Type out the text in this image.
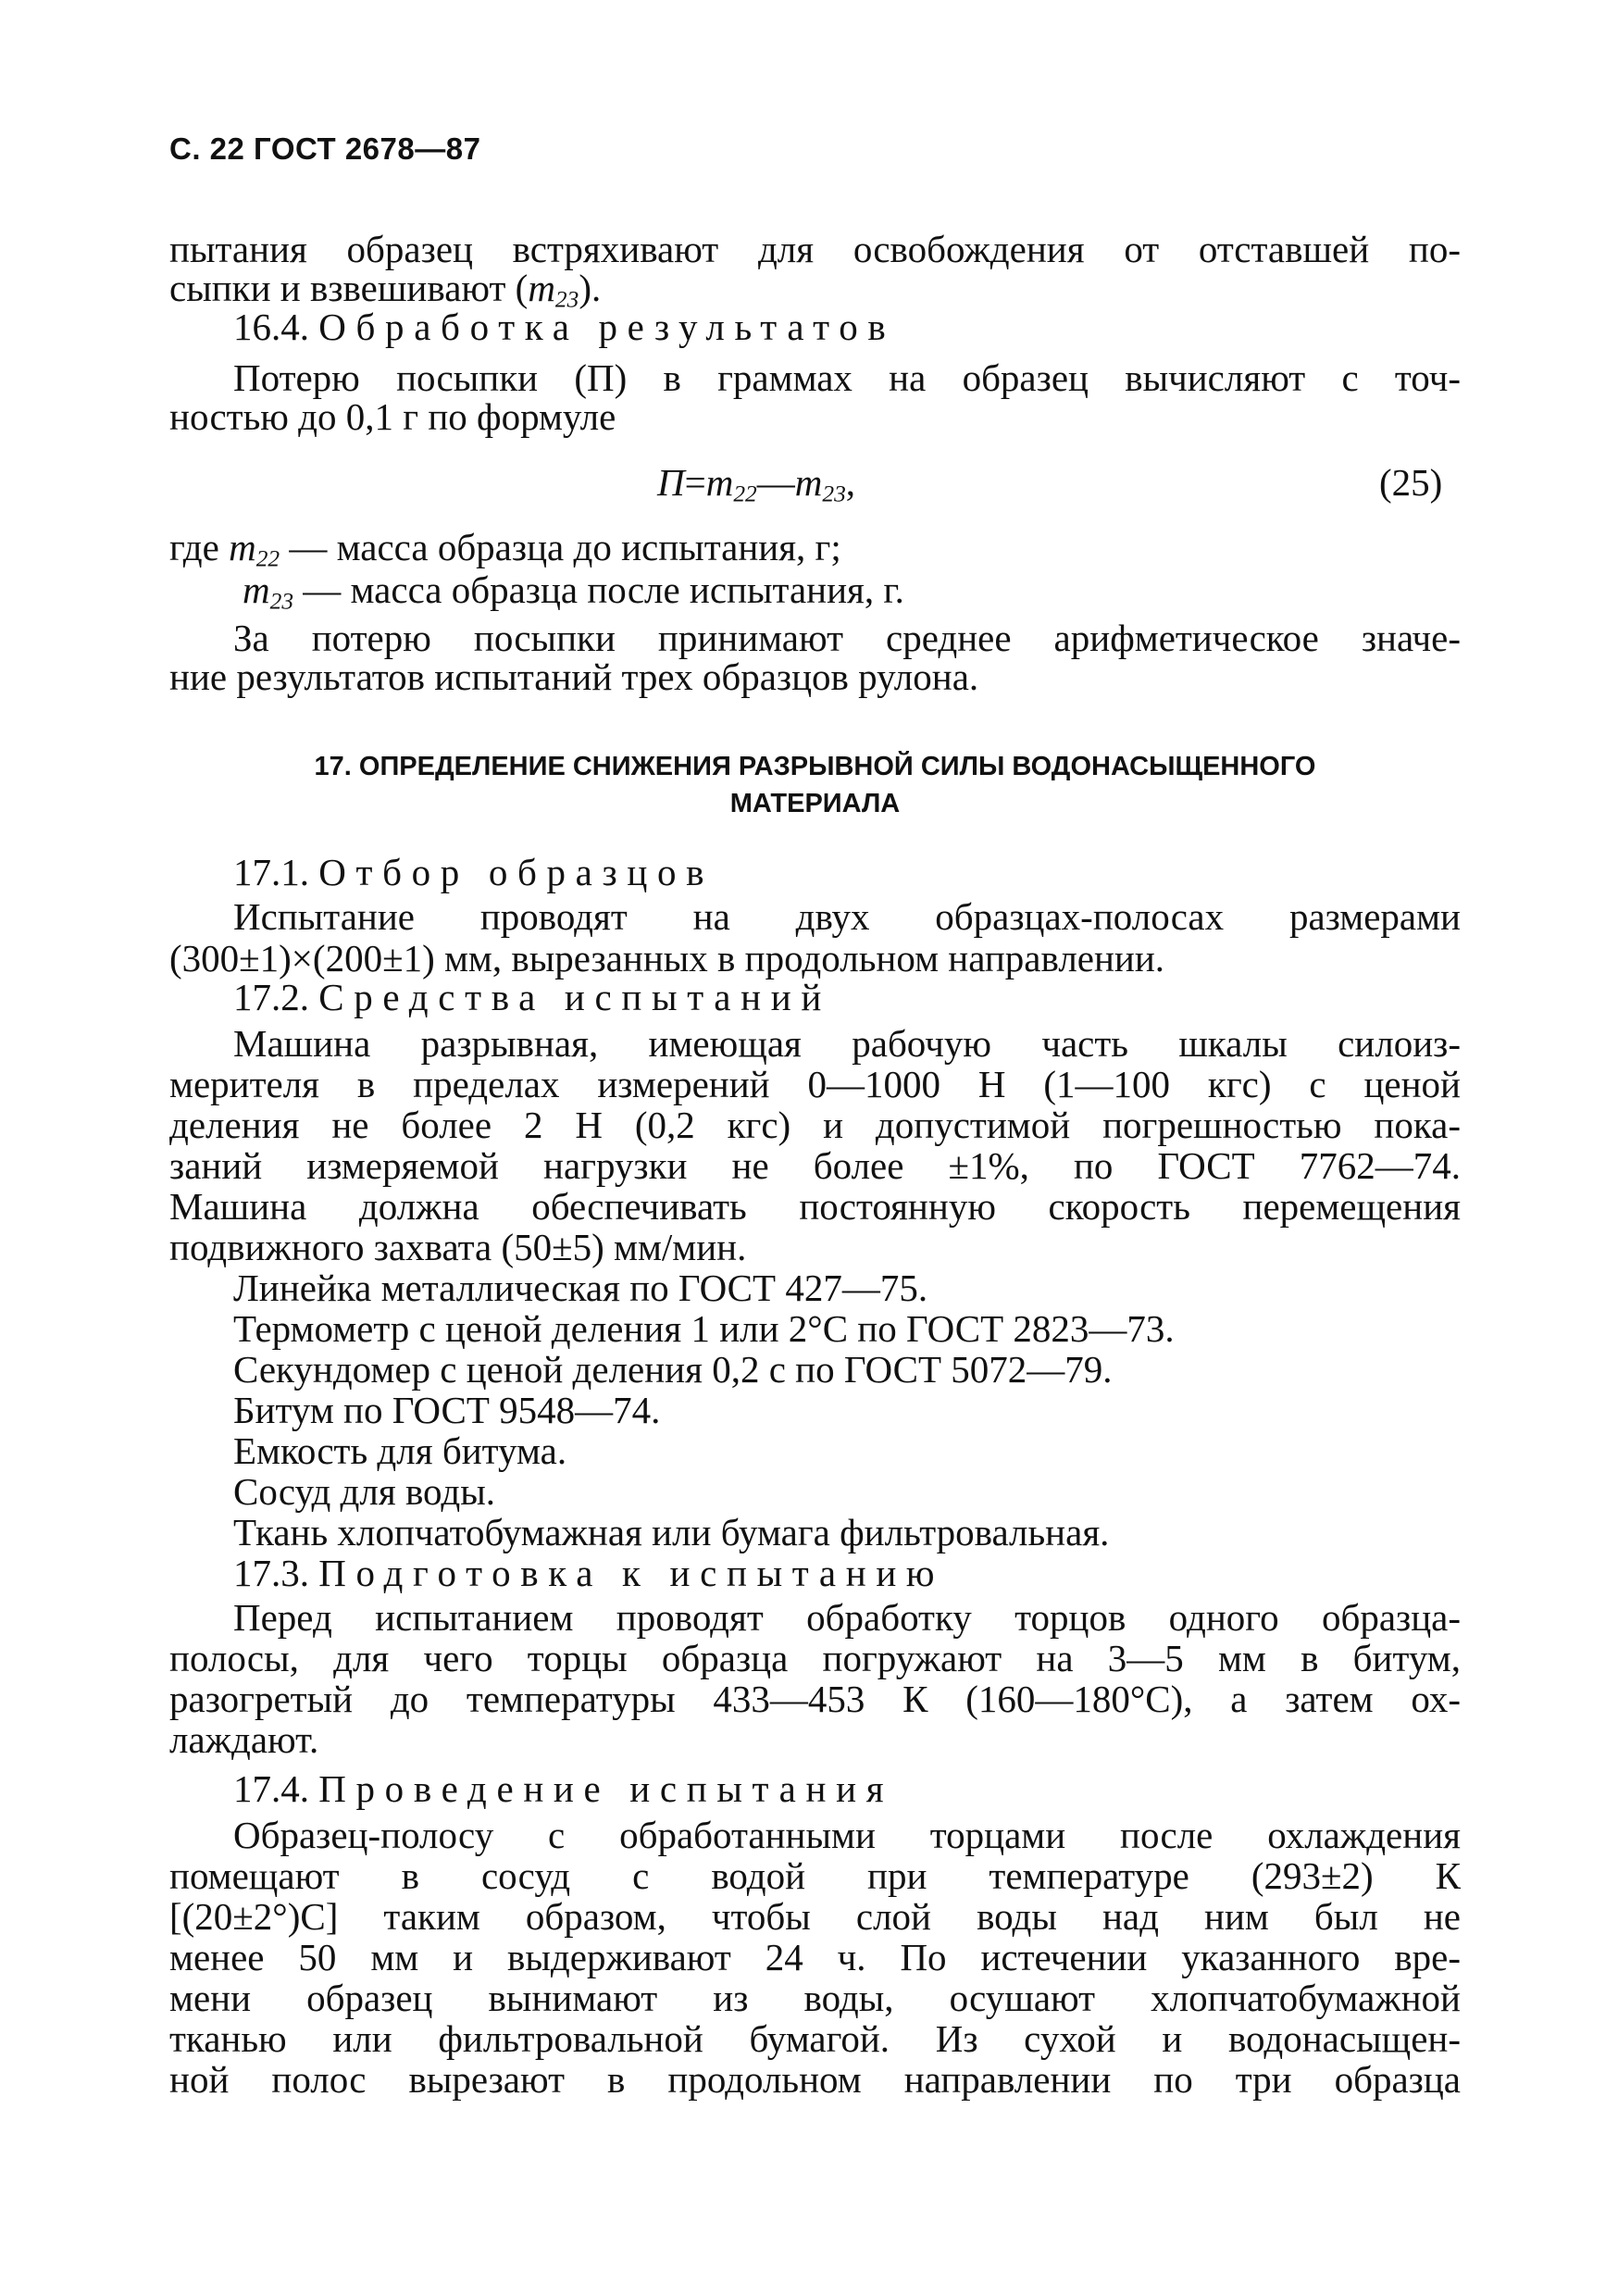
С. 22 ГОСТ 2678—87
пытания образец встряхивают для освобождения от отставшей по-
сыпки и взвешивают $(m_{23})$.
16.4. Обработка результатов
Потерю посыпки (П) в граммах на образец вычисляют с точ-
ностью до 0,1 г по формуле
$П=m_{22}—m_{23}$,	(25)
где $m_{22}$ — масса образца до испытания, г;
$m_{23}$ — масса образца после испытания, г.
За потерю посыпки принимают среднее арифметическое значе-
ние результатов испытаний трех образцов рулона.
17. ОПРЕДЕЛЕНИЕ СНИЖЕНИЯ РАЗРЫВНОЙ СИЛЫ ВОДОНАСЫЩЕННОГО
МАТЕРИАЛА
17.1. Отбор образцов
Испытание проводят на двух образцах-полосах размерами
(300±1)×(200±1) мм, вырезанных в продольном направлении.
17.2. Средства испытаний
Машина разрывная, имеющая рабочую часть шкалы силоиз-
мерителя в пределах измерений 0—1000 Н (1—100 кгс) с ценой
деления не более 2 Н (0,2 кгс) и допустимой погрешностью пока-
заний измеряемой нагрузки не более ±1%, по ГОСТ 7762—74.
Машина должна обеспечивать постоянную скорость перемещения
подвижного захвата (50±5) мм/мин.
Линейка металлическая по ГОСТ 427—75.
Термометр с ценой деления 1 или 2°С по ГОСТ 2823—73.
Секундомер с ценой деления 0,2 с по ГОСТ 5072—79.
Битум по ГОСТ 9548—74.
Емкость для битума.
Сосуд для воды.
Ткань хлопчатобумажная или бумага фильтровальная.
17.3. Подготовка к испытанию
Перед испытанием проводят обработку торцов одного образца-
полосы, для чего торцы образца погружают на 3—5 мм в битум,
разогретый до температуры 433—453 К (160—180°С), а затем ох-
лаждают.
17.4. Проведение испытания
Образец-полосу с обработанными торцами после охлаждения
помещают в сосуд с водой при температуре (293±2) К
[(20±2°)С] таким образом, чтобы слой воды над ним был не
менее 50 мм и выдерживают 24 ч. По истечении указанного вре-
мени образец вынимают из воды, осушают хлопчатобумажной
тканью или фильтровальной бумагой. Из сухой и водонасыщен-
ной полос вырезают в продольном направлении по три образца
